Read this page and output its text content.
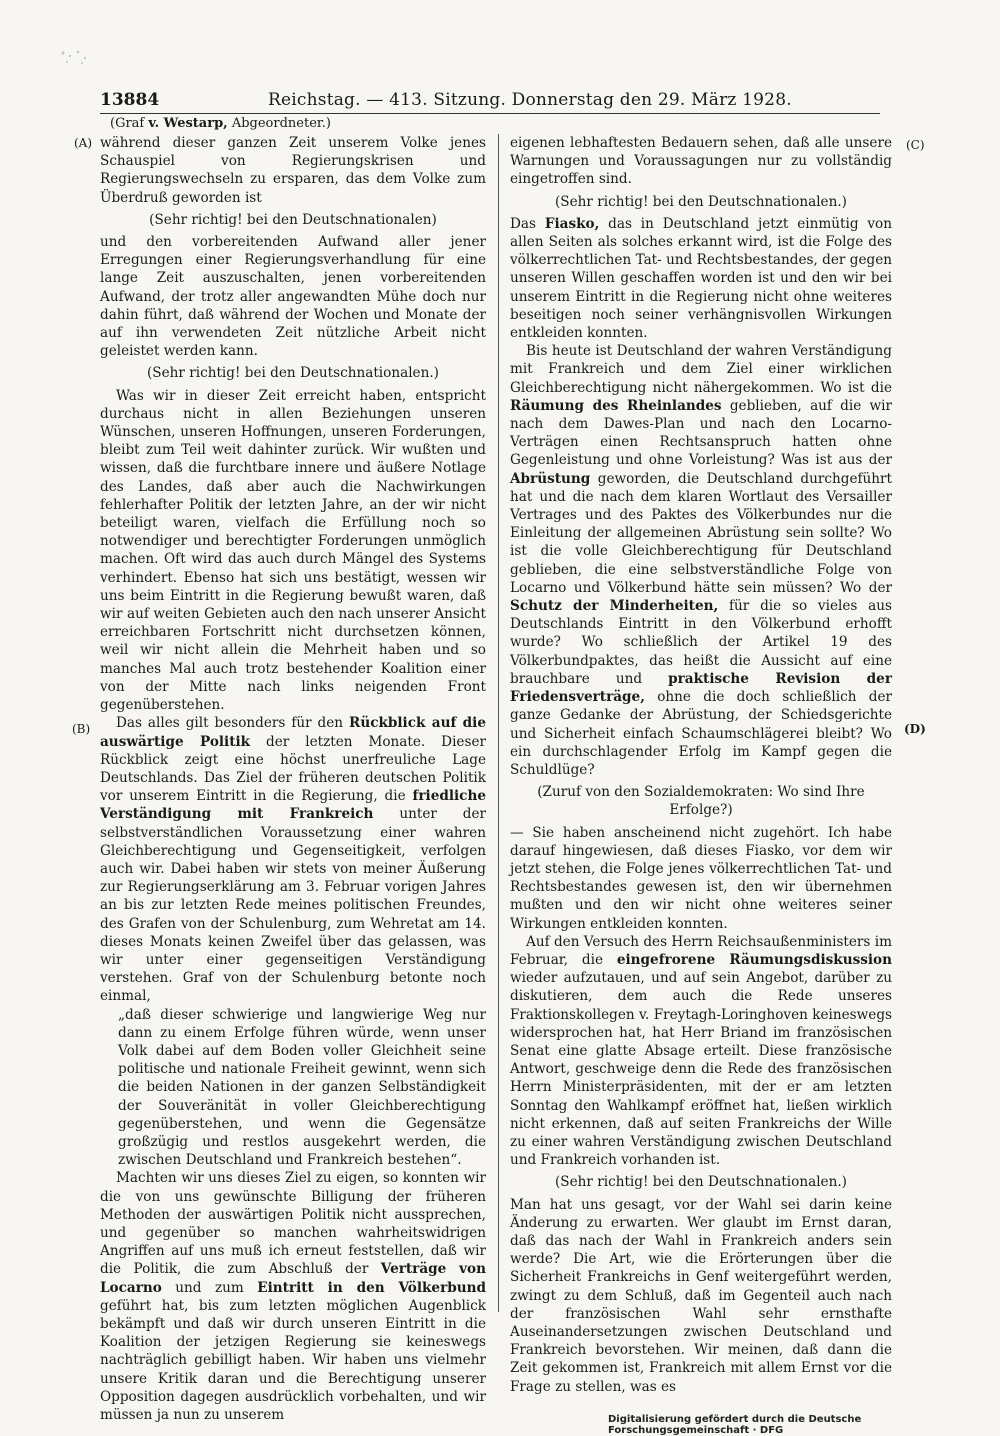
13884	Reichstag. — 413. Sitzung. Donnerstag den 29. März 1928.
(Graf v. Westarp, Abgeordneter.)
(A)
(B)
(C)
(D)

während dieser ganzen Zeit unserem Volke jenes Schauspiel von Regierungskrisen und Regierungswechseln zu ersparen, das dem Volke zum Überdruß geworden ist

(Sehr richtig! bei den Deutschnationalen)

und den vorbereitenden Aufwand aller jener Erregungen einer Regierungsverhandlung für eine lange Zeit auszuschalten, jenen vorbereitenden Aufwand, der trotz aller angewandten Mühe doch nur dahin führt, daß während der Wochen und Monate der auf ihn verwendeten Zeit nützliche Arbeit nicht geleistet werden kann.

(Sehr richtig! bei den Deutschnationalen.)

Was wir in dieser Zeit erreicht haben, entspricht durchaus nicht in allen Beziehungen unseren Wünschen, unseren Hoffnungen, unseren Forderungen, bleibt zum Teil weit dahinter zurück. Wir wußten und wissen, daß die furchtbare innere und äußere Notlage des Landes, daß aber auch die Nachwirkungen fehlerhafter Politik der letzten Jahre, an der wir nicht beteiligt waren, vielfach die Erfüllung noch so notwendiger und berechtigter Forderungen unmöglich machen. Oft wird das auch durch Mängel des Systems verhindert. Ebenso hat sich uns bestätigt, wessen wir uns beim Eintritt in die Regierung bewußt waren, daß wir auf weiten Gebieten auch den nach unserer Ansicht erreichbaren Fortschritt nicht durchsetzen können, weil wir nicht allein die Mehrheit haben und so manches Mal auch trotz bestehender Koalition einer von der Mitte nach links neigenden Front gegenüberstehen.

Das alles gilt besonders für den Rückblick auf die auswärtige Politik der letzten Monate. Dieser Rückblick zeigt eine höchst unerfreuliche Lage Deutschlands. Das Ziel der früheren deutschen Politik vor unserem Eintritt in die Regierung, die friedliche Verständigung mit Frankreich unter der selbstverständlichen Voraussetzung einer wahren Gleichberechtigung und Gegenseitigkeit, verfolgen auch wir. Dabei haben wir stets von meiner Äußerung zur Regierungserklärung am 3. Februar vorigen Jahres an bis zur letzten Rede meines politischen Freundes, des Grafen von der Schulenburg, zum Wehretat am 14. dieses Monats keinen Zweifel über das gelassen, was wir unter einer gegenseitigen Verständigung verstehen. Graf von der Schulenburg betonte noch einmal,

„daß dieser schwierige und langwierige Weg nur dann zu einem Erfolge führen würde, wenn unser Volk dabei auf dem Boden voller Gleichheit seine politische und nationale Freiheit gewinnt, wenn sich die beiden Nationen in der ganzen Selbständigkeit der Souveränität in voller Gleichberechtigung gegenüberstehen, und wenn die Gegensätze großzügig und restlos ausgekehrt werden, die zwischen Deutschland und Frankreich bestehen“.

Machten wir uns dieses Ziel zu eigen, so konnten wir die von uns gewünschte Billigung der früheren Methoden der auswärtigen Politik nicht aussprechen, und gegenüber so manchen wahrheitswidrigen Angriffen auf uns muß ich erneut feststellen, daß wir die Politik, die zum Abschluß der Verträge von Locarno und zum Eintritt in den Völkerbund geführt hat, bis zum letzten möglichen Augenblick bekämpft und daß wir durch unseren Eintritt in die Koalition der jetzigen Regierung sie keineswegs nachträglich gebilligt haben. Wir haben uns vielmehr unsere Kritik daran und die Berechtigung unserer Opposition dagegen ausdrücklich vorbehalten, und wir müssen ja nun zu unserem

eigenen lebhaftesten Bedauern sehen, daß alle unsere Warnungen und Voraussagungen nur zu vollständig eingetroffen sind.

(Sehr richtig! bei den Deutschnationalen.)

Das Fiasko, das in Deutschland jetzt einmütig von allen Seiten als solches erkannt wird, ist die Folge des völkerrechtlichen Tat- und Rechtsbestandes, der gegen unseren Willen geschaffen worden ist und den wir bei unserem Eintritt in die Regierung nicht ohne weiteres beseitigen noch seiner verhängnisvollen Wirkungen entkleiden konnten.

Bis heute ist Deutschland der wahren Verständigung mit Frankreich und dem Ziel einer wirklichen Gleichberechtigung nicht nähergekommen. Wo ist die Räumung des Rheinlandes geblieben, auf die wir nach dem Dawes-Plan und nach den Locarno-Verträgen einen Rechtsanspruch hatten ohne Gegenleistung und ohne Vorleistung? Was ist aus der Abrüstung geworden, die Deutschland durchgeführt hat und die nach dem klaren Wortlaut des Versailler Vertrages und des Paktes des Völkerbundes nur die Einleitung der allgemeinen Abrüstung sein sollte? Wo ist die volle Gleichberechtigung für Deutschland geblieben, die eine selbstverständliche Folge von Locarno und Völkerbund hätte sein müssen? Wo der Schutz der Minderheiten, für die so vieles aus Deutschlands Eintritt in den Völkerbund erhofft wurde? Wo schließlich der Artikel 19 des Völkerbundpaktes, das heißt die Aussicht auf eine brauchbare und praktische Revision der Friedensverträge, ohne die doch schließlich der ganze Gedanke der Abrüstung, der Schiedsgerichte und Sicherheit einfach Schaumschlägerei bleibt? Wo ein durchschlagender Erfolg im Kampf gegen die Schuldlüge?

(Zuruf von den Sozialdemokraten: Wo sind Ihre Erfolge?)

— Sie haben anscheinend nicht zugehört. Ich habe darauf hingewiesen, daß dieses Fiasko, vor dem wir jetzt stehen, die Folge jenes völkerrechtlichen Tat- und Rechtsbestandes gewesen ist, den wir übernehmen mußten und den wir nicht ohne weiteres seiner Wirkungen entkleiden konnten.

Auf den Versuch des Herrn Reichsaußenministers im Februar, die eingefrorene Räumungsdiskussion wieder aufzutauen, und auf sein Angebot, darüber zu diskutieren, dem auch die Rede unseres Fraktionskollegen v. Freytagh-Loringhoven keineswegs widersprochen hat, hat Herr Briand im französischen Senat eine glatte Absage erteilt. Diese französische Antwort, geschweige denn die Rede des französischen Herrn Ministerpräsidenten, mit der er am letzten Sonntag den Wahlkampf eröffnet hat, ließen wirklich nicht erkennen, daß auf seiten Frankreichs der Wille zu einer wahren Verständigung zwischen Deutschland und Frankreich vorhanden ist.

(Sehr richtig! bei den Deutschnationalen.)

Man hat uns gesagt, vor der Wahl sei darin keine Änderung zu erwarten. Wer glaubt im Ernst daran, daß das nach der Wahl in Frankreich anders sein werde? Die Art, wie die Erörterungen über die Sicherheit Frankreichs in Genf weitergeführt werden, zwingt zu dem Schluß, daß im Gegenteil auch nach der französischen Wahl sehr ernsthafte Auseinandersetzungen zwischen Deutschland und Frankreich bevorstehen. Wir meinen, daß dann die Zeit gekommen ist, Frankreich mit allem Ernst vor die Frage zu stellen, was es

Digitalisierung gefördert durch die Deutsche Forschungsgemeinschaft · DFG
